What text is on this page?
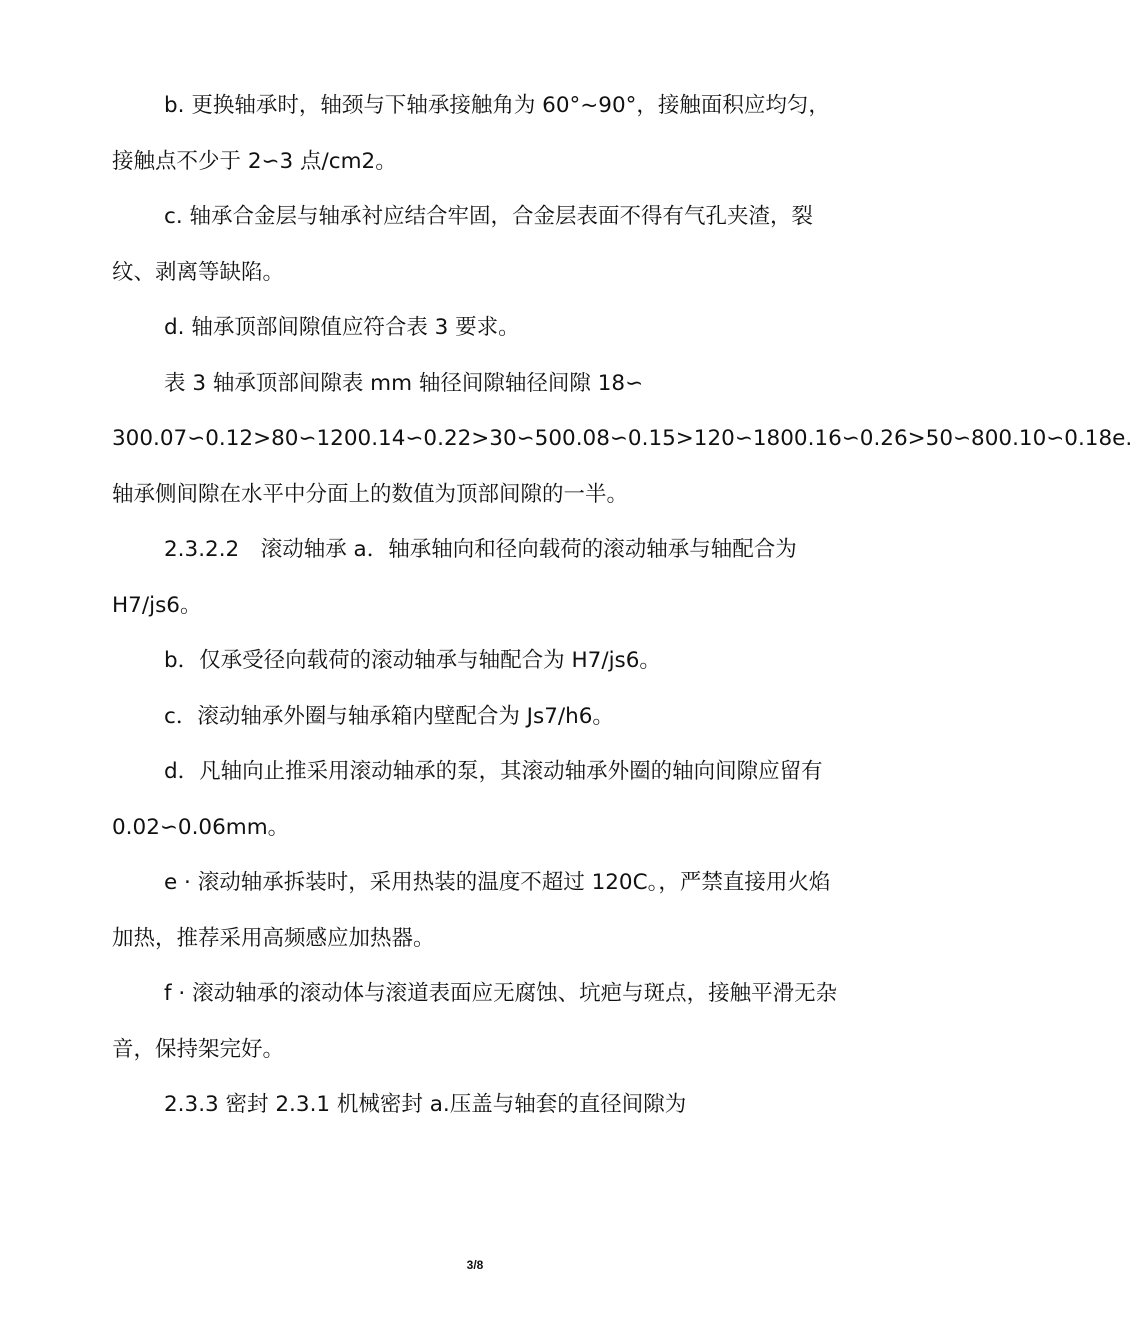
b. 更换轴承时，轴颈与下轴承接触角为 60°~90°，接触面积应均匀，接触点不少于 2∽3 点/cm2。

c. 轴承合金层与轴承衬应结合牢固，合金层表面不得有气孔夹渣，裂纹、剥离等缺陷。

d. 轴承顶部间隙值应符合表 3 要求。

表 3 轴承顶部间隙表 mm 轴径间隙轴径间隙 18∽

300.07∽0.12>80∽1200.14∽0.22>30∽500.08∽0.15>120∽1800.16∽0.26>50∽800.10∽0.18e.轴承侧间隙在水平中分面上的数值为顶部间隙的一半。

2.3.2.2　滚动轴承 a．轴承轴向和径向载荷的滚动轴承与轴配合为 H7/js6。

b．仅承受径向载荷的滚动轴承与轴配合为 H7/js6。

c．滚动轴承外圈与轴承箱内壁配合为 Js7/h6。

d．凡轴向止推采用滚动轴承的泵，其滚动轴承外圈的轴向间隙应留有 0.02∽0.06mm。

e · 滚动轴承拆装时，采用热装的温度不超过 120C。，严禁直接用火焰加热，推荐采用高频感应加热器。

f · 滚动轴承的滚动体与滚道表面应无腐蚀、坑疤与斑点，接触平滑无杂音，保持架完好。

2.3.3 密封 2.3.1 机械密封 a.压盖与轴套的直径间隙为

3/8
